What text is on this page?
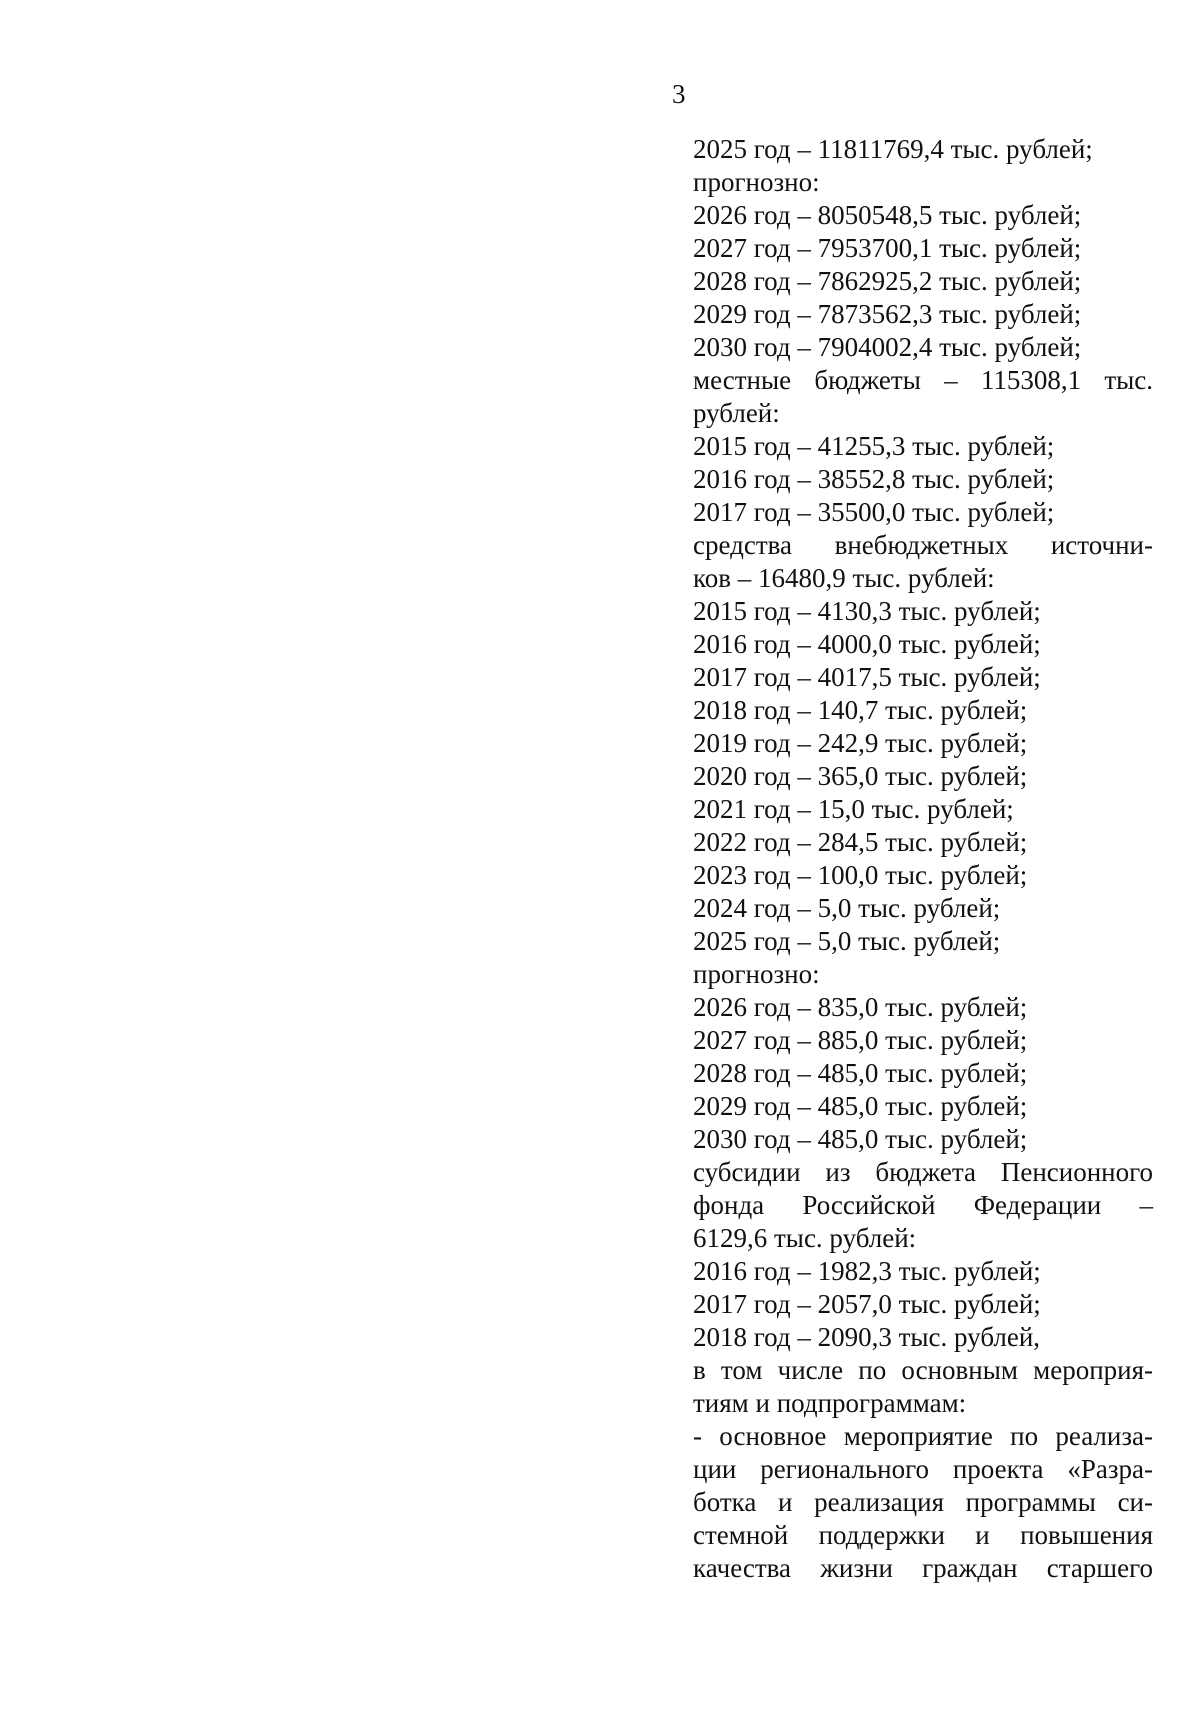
3
2025 год – 11811769,4 тыс. рублей;
прогнозно:
2026 год – 8050548,5 тыс. рублей;
2027 год – 7953700,1 тыс. рублей;
2028 год – 7862925,2 тыс. рублей;
2029 год – 7873562,3 тыс. рублей;
2030 год – 7904002,4 тыс. рублей;
местные бюджеты – 115308,1 тыс.
рублей:
2015 год – 41255,3 тыс. рублей;
2016 год – 38552,8 тыс. рублей;
2017 год – 35500,0 тыс. рублей;
средства внебюджетных источни-
ков – 16480,9 тыс. рублей:
2015 год – 4130,3 тыс. рублей;
2016 год – 4000,0 тыс. рублей;
2017 год – 4017,5 тыс. рублей;
2018 год – 140,7 тыс. рублей;
2019 год – 242,9 тыс. рублей;
2020 год – 365,0 тыс. рублей;
2021 год – 15,0 тыс. рублей;
2022 год – 284,5 тыс. рублей;
2023 год – 100,0 тыс. рублей;
2024 год – 5,0 тыс. рублей;
2025 год – 5,0 тыс. рублей;
прогнозно:
2026 год – 835,0 тыс. рублей;
2027 год – 885,0 тыс. рублей;
2028 год – 485,0 тыс. рублей;
2029 год – 485,0 тыс. рублей;
2030 год – 485,0 тыс. рублей;
субсидии из бюджета Пенсионного
фонда Российской Федерации –
6129,6 тыс. рублей:
2016 год – 1982,3 тыс. рублей;
2017 год – 2057,0 тыс. рублей;
2018 год – 2090,3 тыс. рублей,
в том числе по основным мероприя-
тиям и подпрограммам:
- основное мероприятие по реализа-
ции регионального проекта «Разра-
ботка и реализация программы си-
стемной поддержки и повышения
качества жизни граждан старшего
